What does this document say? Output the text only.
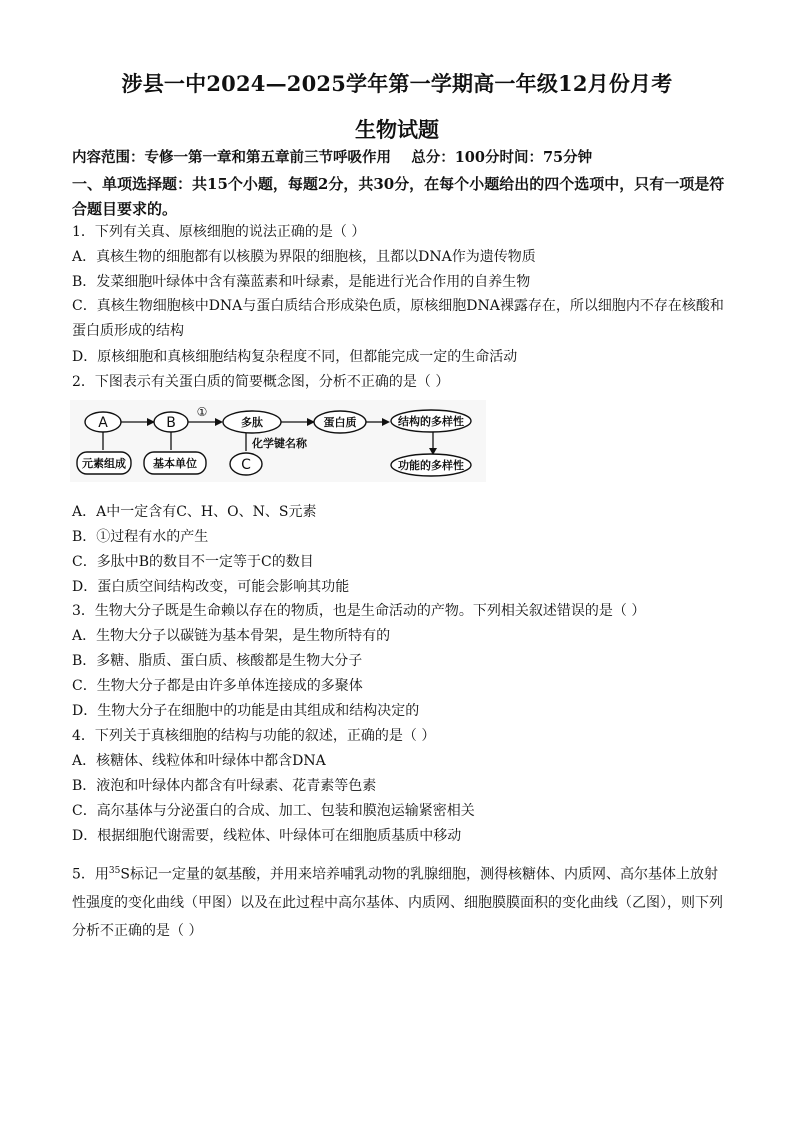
涉县一中2024—2025学年第一学期高一年级12月份月考
生物试题
内容范围：专修一第一章和第五章前三节呼吸作用    总分：100分时间：75分钟
一、单项选择题：共15个小题，每题2分，共30分，在每个小题给出的四个选项中，只有一项是符合题目要求的。
1．下列有关真、原核细胞的说法正确的是（ ）
A．真核生物的细胞都有以核膜为界限的细胞核，且都以DNA作为遗传物质
B．发菜细胞叶绿体中含有藻蓝素和叶绿素，是能进行光合作用的自养生物
C．真核生物细胞核中DNA与蛋白质结合形成染色质，原核细胞DNA裸露存在，所以细胞内不存在核酸和蛋白质形成的结构
D．原核细胞和真核细胞结构复杂程度不同，但都能完成一定的生命活动
2．下图表示有关蛋白质的简要概念图，分析不正确的是（ ）
A	B
①
多肽	蛋白质	结构的多样性
功能的多样性
元素组成 基本单位	C
化学键名称
A．A中一定含有C、H、O、N、S元素
B．①过程有水的产生
C．多肽中B的数目不一定等于C的数目
D．蛋白质空间结构改变，可能会影响其功能
3．生物大分子既是生命赖以存在的物质，也是生命活动的产物。下列相关叙述错误的是（ ）
A．生物大分子以碳链为基本骨架，是生物所特有的
B．多糖、脂质、蛋白质、核酸都是生物大分子
C．生物大分子都是由许多单体连接成的多聚体
D．生物大分子在细胞中的功能是由其组成和结构决定的
4．下列关于真核细胞的结构与功能的叙述，正确的是（ ）
A．核糖体、线粒体和叶绿体中都含DNA
B．液泡和叶绿体内都含有叶绿素、花青素等色素
C．高尔基体与分泌蛋白的合成、加工、包装和膜泡运输紧密相关
D．根据细胞代谢需要，线粒体、叶绿体可在细胞质基质中移动
5．用$^{35}$S标记一定量的氨基酸，并用来培养哺乳动物的乳腺细胞，测得核糖体、内质网、高尔基体上放射性强度的变化曲线（甲图）以及在此过程中高尔基体、内质网、细胞膜膜面积的变化曲线（乙图），则下列分析不正确的是（ ）
